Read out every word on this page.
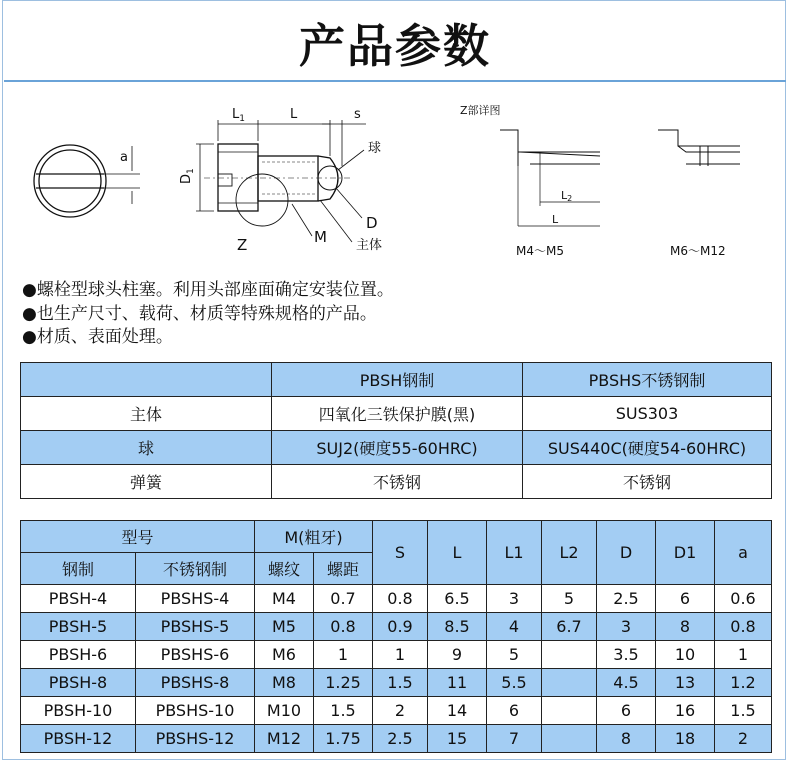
产品参数
a
$L_1$	L	s
$D_1$
球
D
M 主体
Z
Z部详图
L2
L
M4～M5	M6～M12
●螺栓型球头柱塞。利用头部座面确定安装位置。
●也生产尺寸、载荷、材质等特殊规格的产品。
●材质、表面处理。
	PBSH钢制	PBSHS不锈钢制
主体	四氧化三铁保护膜(黑)	SUS303
球	SUJ2(硬度55-60HRC)	SUS440C(硬度54-60HRC)
弹簧	不锈钢	不锈钢
型号		M(粗牙)		S	L	L1	L2	D	D1	a
钢制	不锈钢制	螺纹	螺距							
PBSH-4	PBSHS-4	M4	0.7	0.8	6.5	3	5	2.5	6	0.6
PBSH-5	PBSHS-5	M5	0.8	0.9	8.5	4	6.7	3	8	0.8
PBSH-6	PBSHS-6	M6	1	1	9	5		3.5	10	1
PBSH-8	PBSHS-8	M8	1.25	1.5	11	5.5		4.5	13	1.2
PBSH-10	PBSHS-10	M10	1.5	2	14	6		6	16	1.5
PBSH-12	PBSHS-12	M12	1.75	2.5	15	7		8	18	2
